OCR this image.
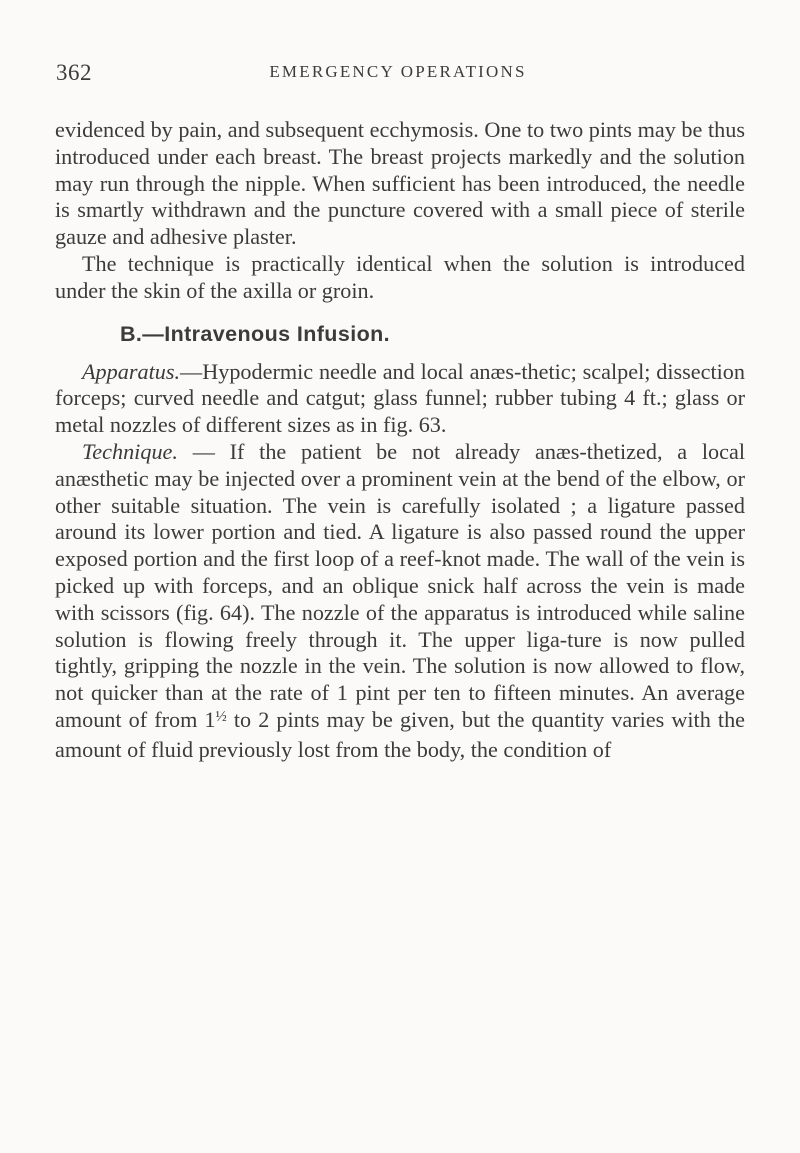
362	EMERGENCY OPERATIONS

evidenced by pain, and subsequent ecchymosis. One to two pints may be thus introduced under each breast. The breast projects markedly and the solution may run through the nipple. When sufficient has been introduced, the needle is smartly withdrawn and the puncture covered with a small piece of sterile gauze and adhesive plaster.

The technique is practically identical when the solution is introduced under the skin of the axilla or groin.

B.—Intravenous Infusion.

Apparatus.—Hypodermic needle and local anæs-thetic; scalpel; dissection forceps; curved needle and catgut; glass funnel; rubber tubing 4 ft.; glass or metal nozzles of different sizes as in fig. 63.

Technique. — If the patient be not already anæs-thetized, a local anæsthetic may be injected over a prominent vein at the bend of the elbow, or other suitable situation. The vein is carefully isolated ; a ligature passed around its lower portion and tied. A ligature is also passed round the upper exposed portion and the first loop of a reef-knot made. The wall of the vein is picked up with forceps, and an oblique snick half across the vein is made with scissors (fig. 64). The nozzle of the apparatus is introduced while saline solution is flowing freely through it. The upper liga-ture is now pulled tightly, gripping the nozzle in the vein. The solution is now allowed to flow, not quicker than at the rate of 1 pint per ten to fifteen minutes. An average amount of from $1^{\frac{1}{2}}$ to 2 pints may be given, but the quantity varies with the amount of fluid previously lost from the body, the condition of
